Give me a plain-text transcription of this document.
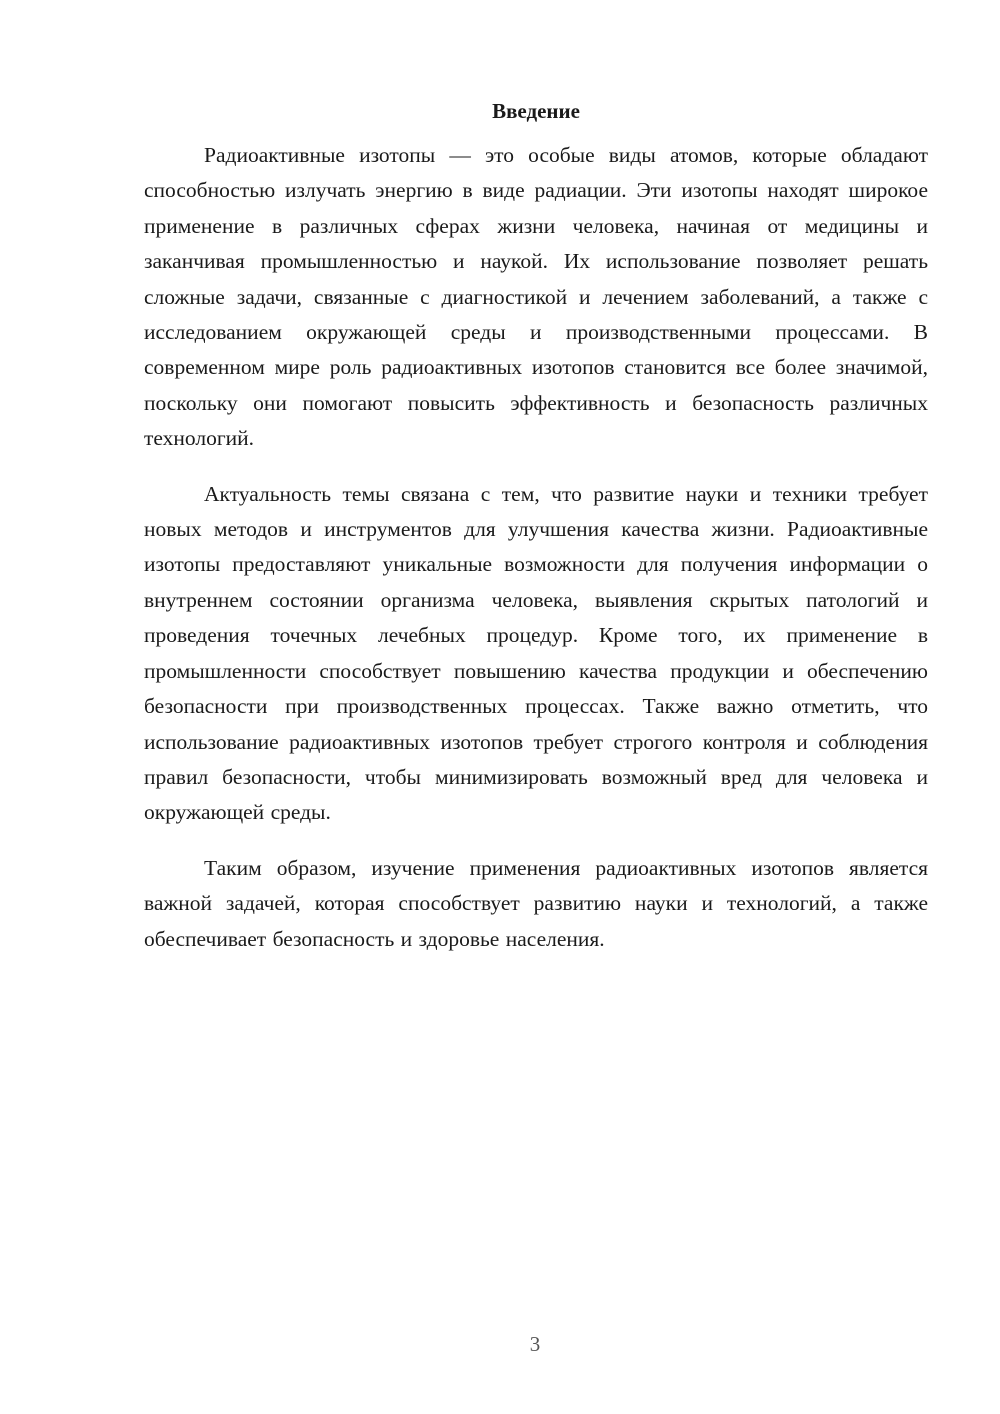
Введение

Радиоактивные изотопы — это особые виды атомов, которые обладают способностью излучать энергию в виде радиации. Эти изотопы находят широкое применение в различных сферах жизни человека, начиная от медицины и заканчивая промышленностью и наукой. Их использование позволяет решать сложные задачи, связанные с диагностикой и лечением заболеваний, а также с исследованием окружающей среды и производственными процессами. В современном мире роль радиоактивных изотопов становится все более значимой, поскольку они помогают повысить эффективность и безопасность различных технологий.

Актуальность темы связана с тем, что развитие науки и техники требует новых методов и инструментов для улучшения качества жизни. Радиоактивные изотопы предоставляют уникальные возможности для получения информации о внутреннем состоянии организма человека, выявления скрытых патологий и проведения точечных лечебных процедур. Кроме того, их применение в промышленности способствует повышению качества продукции и обеспечению безопасности при производственных процессах. Также важно отметить, что использование радиоактивных изотопов требует строгого контроля и соблюдения правил безопасности, чтобы минимизировать возможный вред для человека и окружающей среды.

Таким образом, изучение применения радиоактивных изотопов является важной задачей, которая способствует развитию науки и технологий, а также обеспечивает безопасность и здоровье населения.

3
